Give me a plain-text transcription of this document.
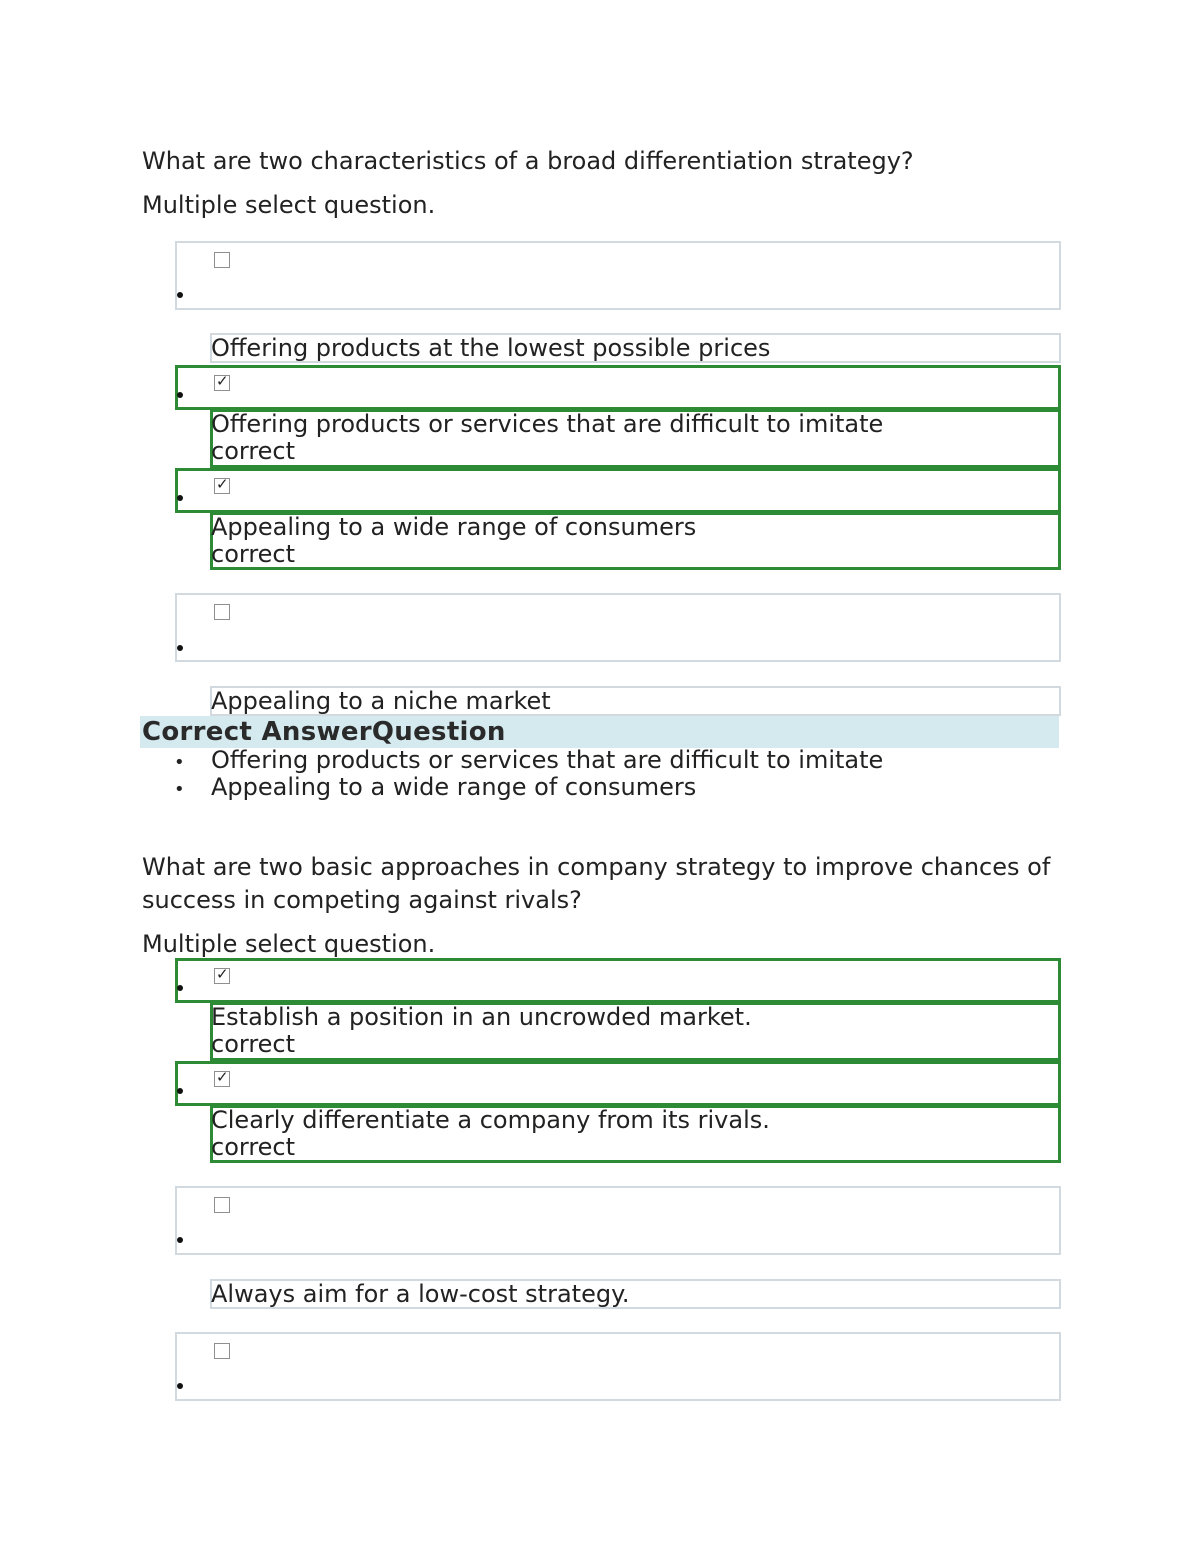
What are two characteristics of a broad differentiation strategy?
Multiple select question.
Offering products at the lowest possible prices
✓
Offering products or services that are difficult to imitate
correct
✓
Appealing to a wide range of consumers
correct
Appealing to a niche market
Correct AnswerQuestion
• Offering products or services that are difficult to imitate
• Appealing to a wide range of consumers
What are two basic approaches in company strategy to improve chances of
success in competing against rivals?
Multiple select question.
✓
Establish a position in an uncrowded market.
correct
✓
Clearly differentiate a company from its rivals.
correct
Always aim for a low-cost strategy.
